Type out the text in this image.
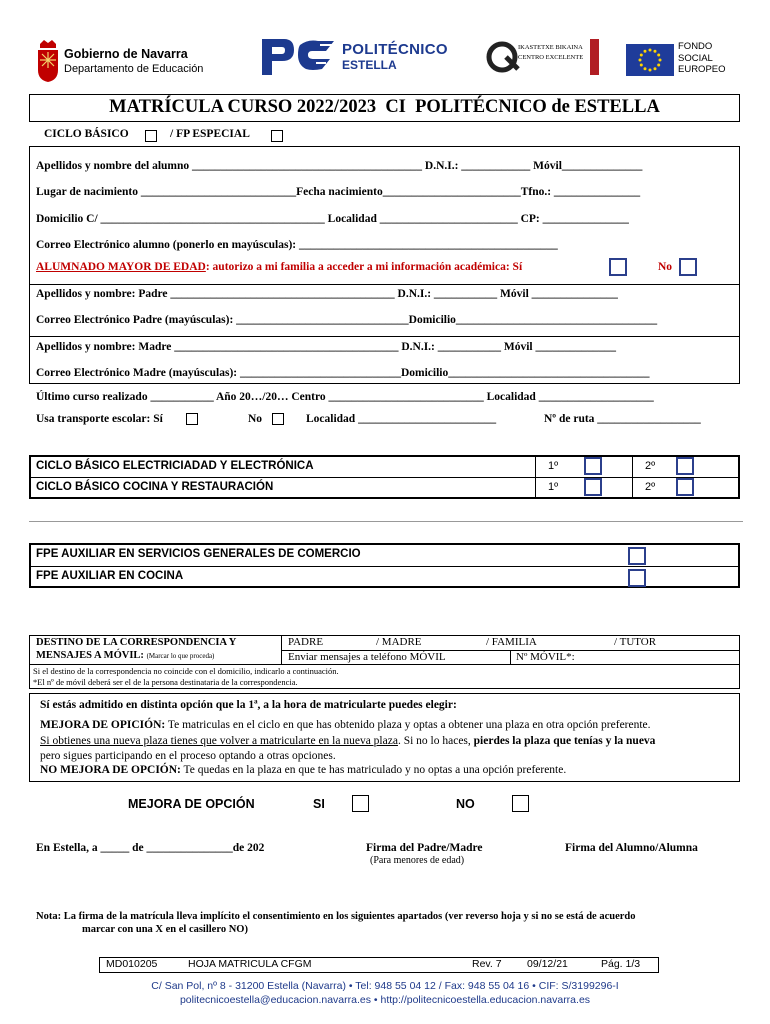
Gobierno de Navarra
Departamento de Educación
POLITÉCNICO
ESTELLA
IKASTETXE BIKAINA
CENTRO EXCELENTE
FONDO
SOCIAL
EUROPEO
MATRÍCULA CURSO 2022/2023  CI  POLITÉCNICO de ESTELLA
CICLO BÁSICO	/ FP ESPECIAL
Apellidos y nombre del alumno ________________________________________ D.N.I.: ____________ Móvil______________
Lugar de nacimiento ___________________________Fecha nacimiento________________________Tfno.: _______________
Domicilio C/ _______________________________________ Localidad ________________________ CP: _______________
Correo Electrónico alumno (ponerlo en mayúsculas): _____________________________________________
ALUMNADO MAYOR DE EDAD: autorizo a mi familia a acceder a mi información académica: Sí	No
Apellidos y nombre: Padre _______________________________________ D.N.I.: ___________ Móvil _______________
Correo Electrónico Padre (mayúsculas): ______________________________Domicilio___________________________________
Apellidos y nombre: Madre _______________________________________ D.N.I.: ___________ Móvil ______________
Correo Electrónico Madre (mayúsculas): ____________________________Domicilio___________________________________
Último curso realizado ___________ Año 20…/20… Centro ___________________________ Localidad ____________________
Usa transporte escolar: Sí	No	Localidad ________________________	Nº de ruta __________________
CICLO BÁSICO ELECTRICIADAD Y ELECTRÓNICA	1º	2º
CICLO BÁSICO COCINA Y RESTAURACIÓN	1º	2º
FPE AUXILIAR EN SERVICIOS GENERALES DE COMERCIO
FPE AUXILIAR EN COCINA
DESTINO DE LA CORRESPONDENCIA Y
MENSAJES A MÓVIL: (Marcar lo que proceda)
PADRE	/ MADRE	/ FAMILIA	/ TUTOR
Enviar mensajes a teléfono MÓVIL	Nº MÓVIL*:
Si el destino de la correspondencia no coincide con el domicilio, indicarlo a continuación.
*El nº de móvil deberá ser el de la persona destinataria de la correspondencia.
Sí estás admitido en distinta opción que la 1ª, a la hora de matricularte puedes elegir:
MEJORA DE OPICIÓN: Te matriculas en el ciclo en que has obtenido plaza y optas a obtener una plaza en otra opción preferente.
Si obtienes una nueva plaza tienes que volver a matricularte en la nueva plaza. Si no lo haces, pierdes la plaza que tenías y la nueva
pero sigues participando en el proceso optando a otras opciones.
NO MEJORA DE OPCIÓN: Te quedas en la plaza en que te has matriculado y no optas a una opción preferente.
MEJORA DE OPCIÓN	SI	NO
En Estella, a _____ de _______________de 202	Firma del Padre/Madre
(Para menores de edad)
Firma del Alumno/Alumna
Nota: La firma de la matrícula lleva implícito el consentimiento en los siguientes apartados (ver reverso hoja y si no se está de acuerdo
marcar con una X en el casillero NO)
MD010205	HOJA MATRICULA CFGM	Rev. 7 09/12/21	Pág. 1/3
C/ San Pol, nº 8 - 31200 Estella (Navarra) • Tel: 948 55 04 12 / Fax: 948 55 04 16 • CIF: S/3199296-I
politecnicoestella@educacion.navarra.es • http://politecnicoestella.educacion.navarra.es
